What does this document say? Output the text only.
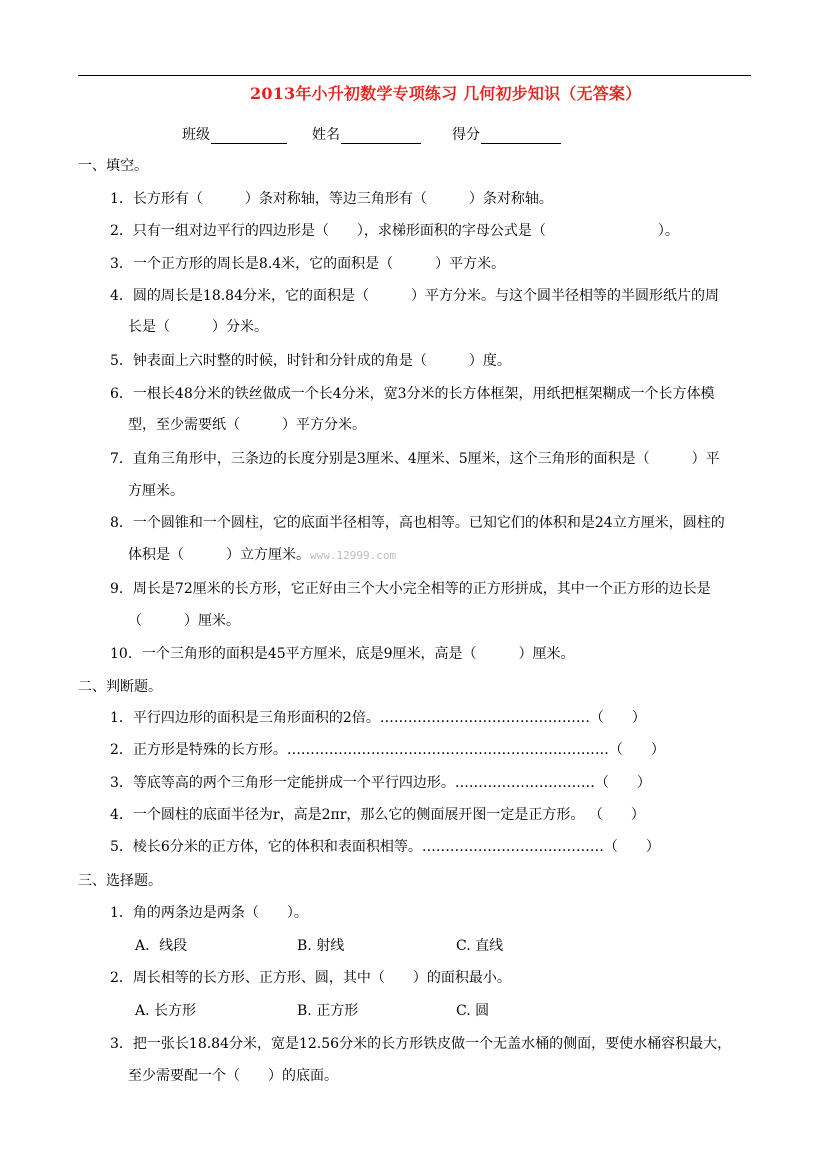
2013年小升初数学专项练习 几何初步知识（无答案）
班级	姓名	得分
一、填空。
1．长方形有（　　　）条对称轴，等边三角形有（　　　）条对称轴。
2．只有一组对边平行的四边形是（　　），求梯形面积的字母公式是（　　　　　　　　）。
3．一个正方形的周长是8.4米，它的面积是（　　　）平方米。
4．圆的周长是18.84分米，它的面积是（　　　）平方分米。与这个圆半径相等的半圆形纸片的周
长是（　　　）分米。
5．钟表面上六时整的时候，时针和分针成的角是（　　　）度。
6．一根长48分米的铁丝做成一个长4分米，宽3分米的长方体框架，用纸把框架糊成一个长方体模
型，至少需要纸（　　　）平方分米。
7．直角三角形中，三条边的长度分别是3厘米、4厘米、5厘米，这个三角形的面积是（　　　）平
方厘米。
8．一个圆锥和一个圆柱，它的底面半径相等，高也相等。已知它们的体积和是24立方厘米，圆柱的
体积是（　　　）立方厘米。www.12999.com
9．周长是72厘米的长方形，它正好由三个大小完全相等的正方形拼成，其中一个正方形的边长是
（　　　）厘米。
10．一个三角形的面积是45平方厘米，底是9厘米，高是（　　　）厘米。
二、判断题。
1．平行四边形的面积是三角形面积的2倍。………………………………………（　　）
2．正方形是特殊的长方形。……………………………………………………………（　　）
3．等底等高的两个三角形一定能拼成一个平行四边形。…………………………（　　）
4．一个圆柱的底面半径为r，高是2πr，那么它的侧面展开图一定是正方形。 （　　）
5．棱长6分米的正方体，它的体积和表面积相等。…………………………………（　　）
三、选择题。
1．角的两条边是两条（　　）。
A．线段	B. 射线	C. 直线
2．周长相等的长方形、正方形、圆，其中（　　）的面积最小。
A. 长方形	B. 正方形	C. 圆
3．把一张长18.84分米，宽是12.56分米的长方形铁皮做一个无盖水桶的侧面，要使水桶容积最大，
至少需要配一个（　　）的底面。
